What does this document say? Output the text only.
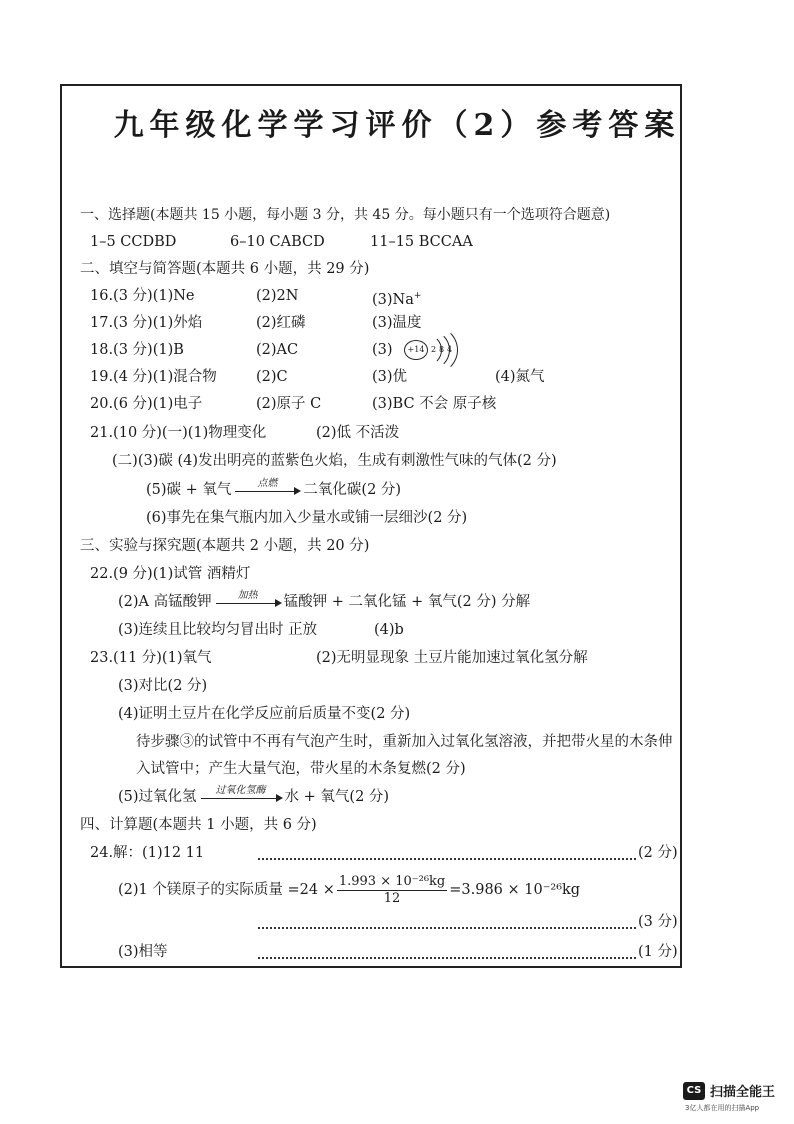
九年级化学学习评价（2）参考答案
一、选择题(本题共 15 小题，每小题 3 分，共 45 分。每小题只有一个选项符合题意)
1–5 CCDBD	6–10 CABCD	11–15 BCCAA
二、填空与简答题(本题共 6 小题，共 29 分)
16.(3 分)(1)Ne	(2)2N	(3)Na+
17.(3 分)(1)外焰	(2)红磷	(3)温度
18.(3 分)(1)B	(2)AC	(3)	+14 2 8 4
19.(4 分)(1)混合物	(2)C	(3)优	(4)氮气
20.(6 分)(1)电子	(2)原子 C	(3)BC 不会 原子核
21.(10 分)(一)(1)物理变化	(2)低 不活泼
(二)(3)碳 (4)发出明亮的蓝紫色火焰，生成有刺激性气味的气体(2 分)
(5)碳 + 氧气	点燃	二氧化碳(2 分)
(6)事先在集气瓶内加入少量水或铺一层细沙(2 分)
三、实验与探究题(本题共 2 小题，共 20 分)
22.(9 分)(1)试管 酒精灯
(2)A 高锰酸钾	加热	锰酸钾 + 二氧化锰 + 氧气(2 分) 分解
(3)连续且比较均匀冒出时 正放	(4)b
23.(11 分)(1)氧气	(2)无明显现象 土豆片能加速过氧化氢分解
(3)对比(2 分)
(4)证明土豆片在化学反应前后质量不变(2 分)
待步骤③的试管中不再有气泡产生时，重新加入过氧化氢溶液，并把带火星的木条伸
入试管中；产生大量气泡，带火星的木条复燃(2 分)
(5)过氧化氢	过氧化氢酶	水 + 氧气(2 分)
四、计算题(本题共 1 小题，共 6 分)
24.解：(1)12 11	(2 分)
(2)1 个镁原子的实际质量 $=24 \times \frac{\text{1.993 × 10⁻²⁶kg}}{12} =3.986 \times 10^{-26}kg$
(3 分)
(3)相等	(1 分)
CS 扫描全能王
3亿人都在用的扫描App
